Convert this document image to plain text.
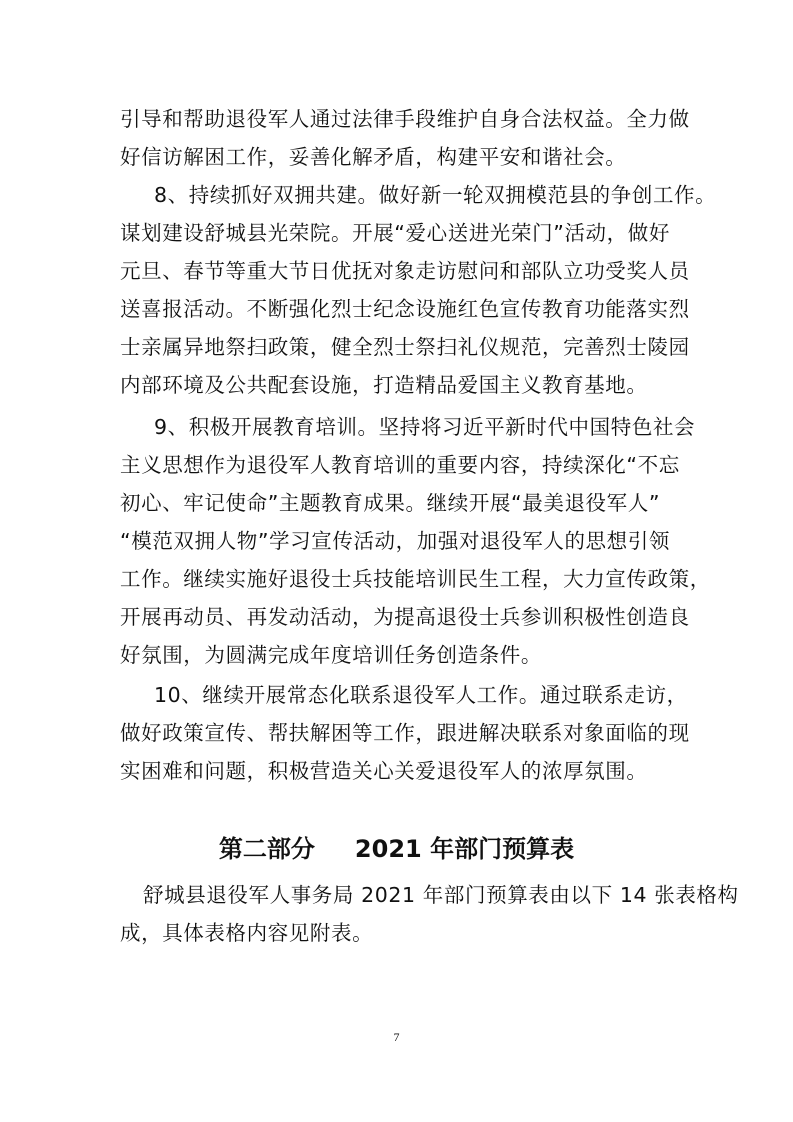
引导和帮助退役军人通过法律手段维护自身合法权益。全力做
好信访解困工作，妥善化解矛盾，构建平安和谐社会。
8、持续抓好双拥共建。做好新一轮双拥模范县的争创工作。
谋划建设舒城县光荣院。开展“爱心送进光荣门”活动，做好
元旦、春节等重大节日优抚对象走访慰问和部队立功受奖人员
送喜报活动。不断强化烈士纪念设施红色宣传教育功能落实烈
士亲属异地祭扫政策，健全烈士祭扫礼仪规范，完善烈士陵园
内部环境及公共配套设施，打造精品爱国主义教育基地。
9、积极开展教育培训。坚持将习近平新时代中国特色社会
主义思想作为退役军人教育培训的重要内容，持续深化“不忘
初心、牢记使命”主题教育成果。继续开展“最美退役军人”
“模范双拥人物”学习宣传活动，加强对退役军人的思想引领
工作。继续实施好退役士兵技能培训民生工程，大力宣传政策，
开展再动员、再发动活动，为提高退役士兵参训积极性创造良
好氛围，为圆满完成年度培训任务创造条件。
10、继续开展常态化联系退役军人工作。通过联系走访，
做好政策宣传、帮扶解困等工作，跟进解决联系对象面临的现
实困难和问题，积极营造关心关爱退役军人的浓厚氛围。
第二部分 2021 年部门预算表
舒城县退役军人事务局 2021 年部门预算表由以下 14 张表格构
成，具体表格内容见附表。
7
